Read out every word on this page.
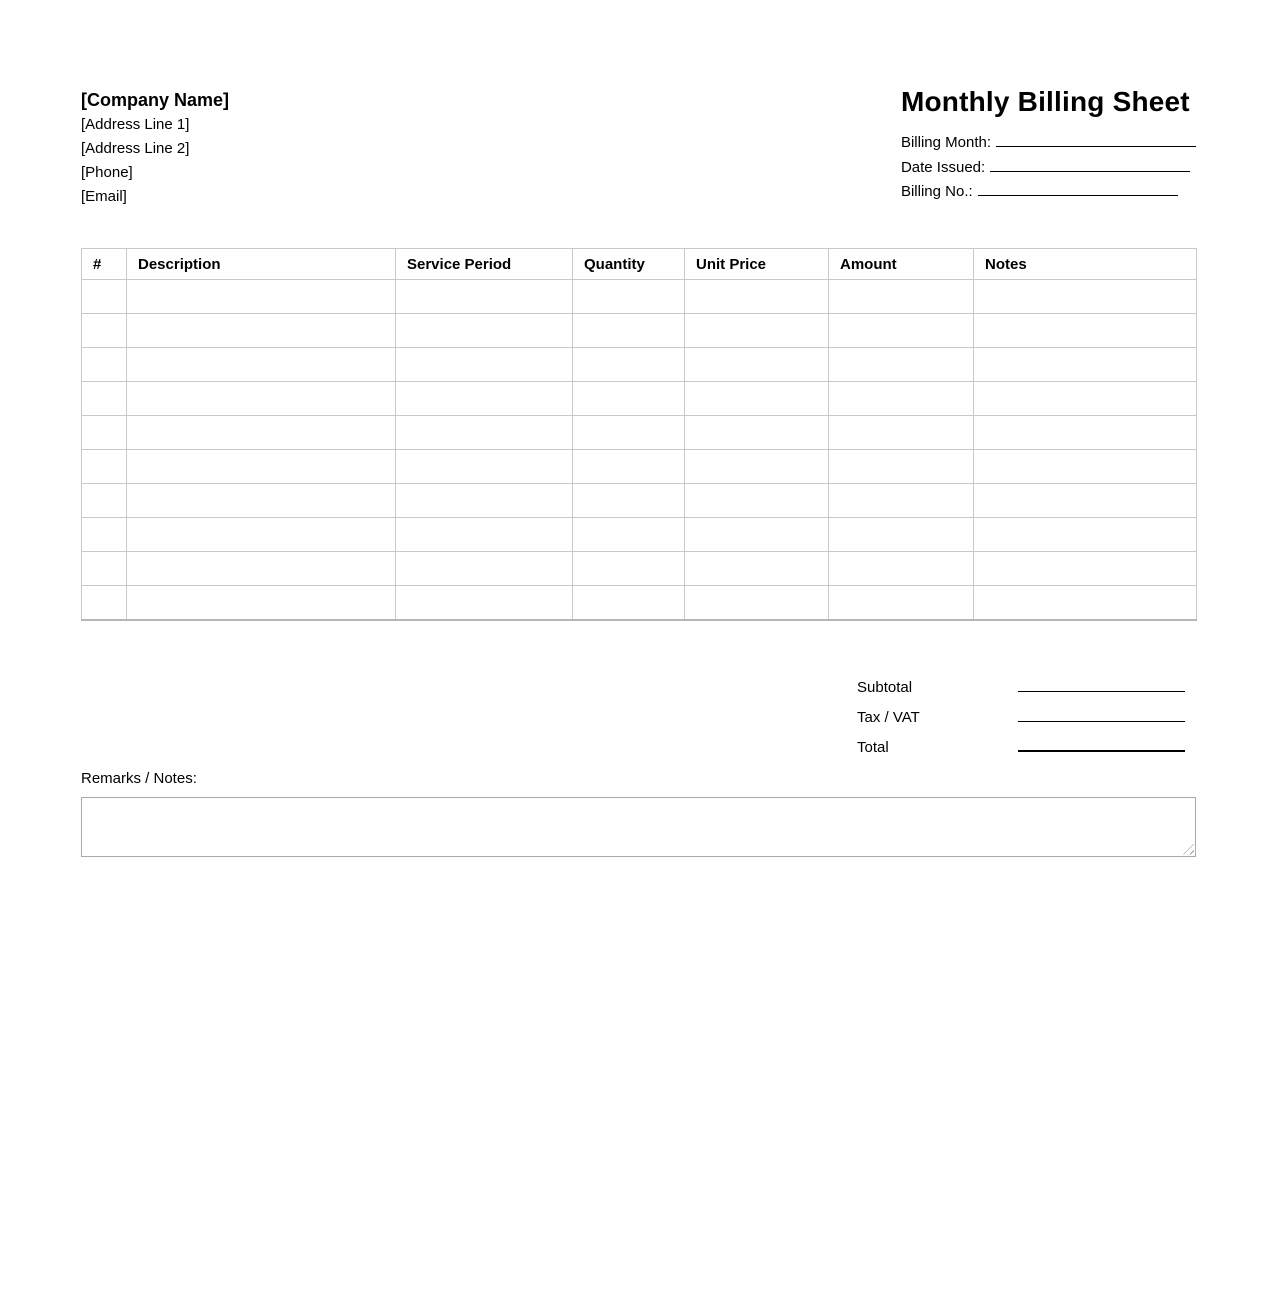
[Company Name]
[Address Line 1]
[Address Line 2]
[Phone]
[Email]
Monthly Billing Sheet
Billing Month:
Date Issued:
Billing No.:
#	Description	Service Period	Quantity	Unit Price	Amount	Notes

Subtotal
Tax / VAT
Total
Remarks / Notes:
